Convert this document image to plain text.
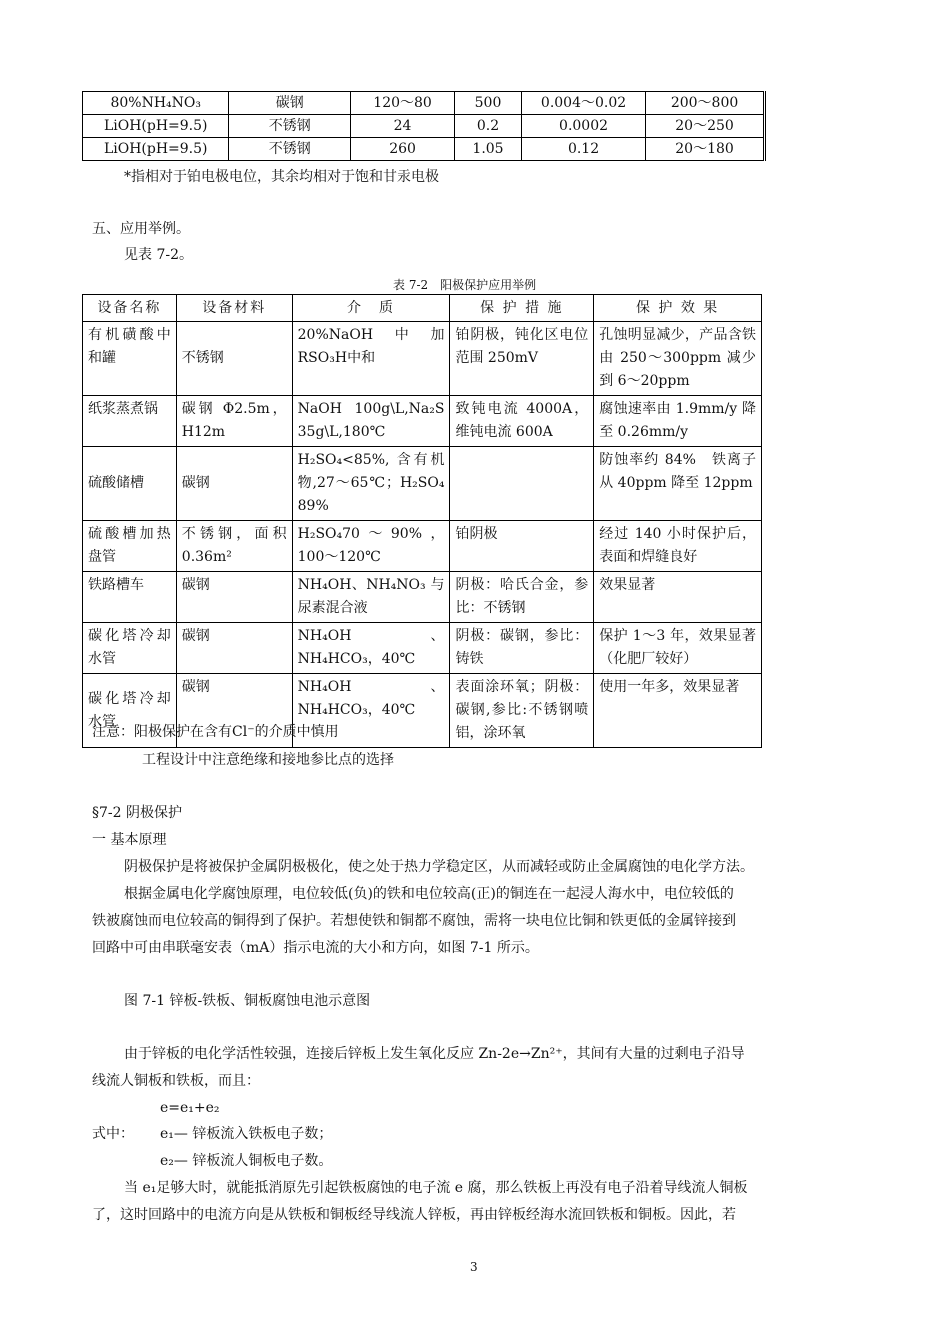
80%NH₄NO₃	碳钢	120～80	500	0.004～0.02	200～800
LiOH(pH=9.5)	不锈钢	24	0.2	0.0002	20～250
LiOH(pH=9.5)	不锈钢	260	1.05	0.12	20～180
*指相对于铂电极电位，其余均相对于饱和甘汞电极
五、应用举例。
见表 7-2。
表 7-2　阳极保护应用举例
设备名称	设备材料	介　质	保 护 措 施	保 护 效 果
有机磺酸中和罐	不锈钢	20%NaOH中加RSO₃H中和	铂阴极，钝化区电位范围 250mV	孔蚀明显减少，产品含铁由 250～300ppm 减少到 6～20ppm
纸浆蒸煮锅	碳钢 Φ2.5m，H12m	NaOH 100g\L,Na₂S 35g\L,180℃	致钝电流 4000A，维钝电流 600A	腐蚀速率由 1.9mm/y 降至 0.26mm/y
硫酸储槽	碳钢	H₂SO₄<85%, 含有机物,27～65℃；H₂SO₄ 89%		防蚀率约 84%　铁离子从 40ppm 降至 12ppm
硫酸槽加热盘管	不锈钢，面积 0.36m²	H₂SO₄70～90%，100～120℃	铂阴极	经过 140 小时保护后，表面和焊缝良好
铁路槽车	碳钢	NH₄OH、NH₄NO₃ 与尿素混合液	阴极：哈氏合金，参比：不锈钢	效果显著
碳化塔冷却水管	碳钢	NH₄OH 、NH₄HCO₃，40℃	阴极：碳钢，参比：铸铁	保护 1～3 年，效果显著（化肥厂较好）
碳化塔冷却水管	碳钢	NH₄OH 、NH₄HCO₃，40℃	表面涂环氧；阴极：碳钢,参比:不锈钢喷铝，涂环氧	使用一年多，效果显著
注意：阳极保护在含有Cl⁻的介质中慎用
工程设计中注意绝缘和接地参比点的选择
§7-2 阴极保护
一 基本原理
阴极保护是将被保护金属阴极极化，使之处于热力学稳定区，从而减轻或防止金属腐蚀的电化学方法。
根据金属电化学腐蚀原理，电位较低(负)的铁和电位较高(正)的铜连在一起浸人海水中，电位较低的
铁被腐蚀而电位较高的铜得到了保护。若想使铁和铜都不腐蚀，需将一块电位比铜和铁更低的金属锌接到
回路中可由串联毫安表（mA）指示电流的大小和方向，如图 7-1 所示。
图 7-1 锌板-铁板、铜板腐蚀电池示意图
由于锌板的电化学活性较强，连接后锌板上发生氧化反应 Zn-2e→Zn²⁺，其间有大量的过剩电子沿导
线流人铜板和铁板，而且：
e=e₁+e₂
式中： e₁— 锌板流入铁板电子数；
e₂— 锌板流人铜板电子数。
当 e₁足够大时，就能抵消原先引起铁板腐蚀的电子流 e 腐，那么铁板上再没有电子沿着导线流人铜板
了，这时回路中的电流方向是从铁板和铜板经导线流人锌板，再由锌板经海水流回铁板和铜板。因此，若
3
